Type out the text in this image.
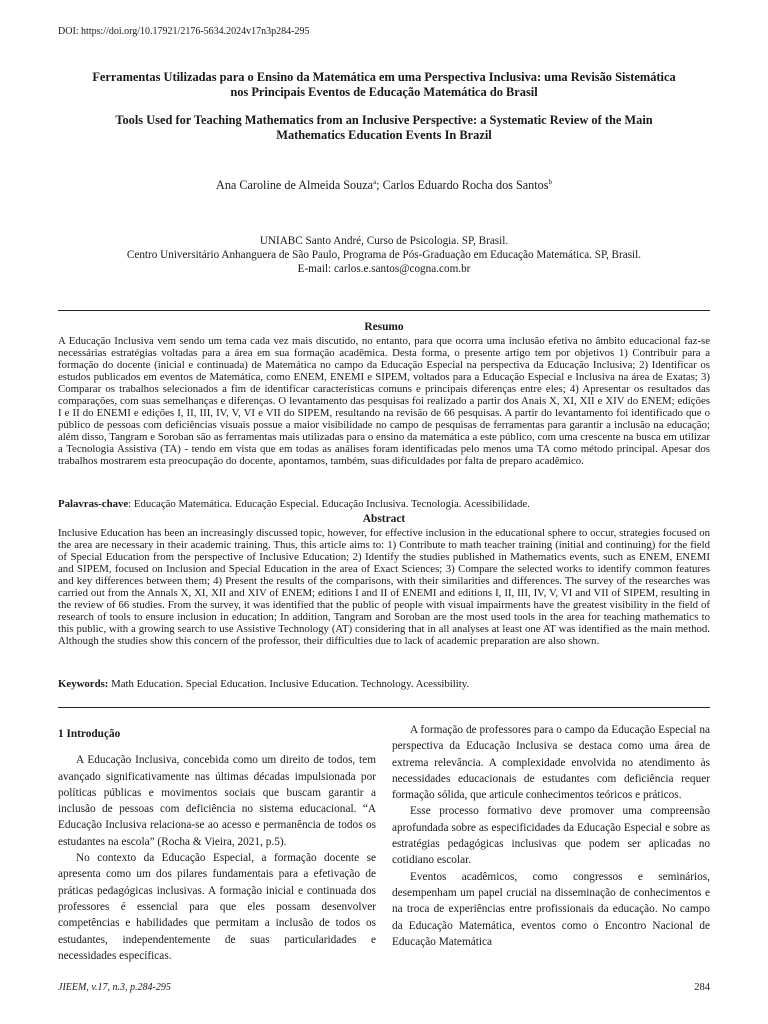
DOI: https://doi.org/10.17921/2176-5634.2024v17n3p284-295
Ferramentas Utilizadas para o Ensino da Matemática em uma Perspectiva Inclusiva: uma Revisão Sistemática
nos Principais Eventos de Educação Matemática do Brasil
Tools Used for Teaching Mathematics from an Inclusive Perspective: a Systematic Review of the Main
Mathematics Education Events In Brazil
Ana Caroline de Almeida Souza$^a$; Carlos Eduardo Rocha dos Santos$^b$
UNIABC Santo André, Curso de Psicologia. SP, Brasil.
Centro Universitário Anhanguera de São Paulo, Programa de Pós-Graduação em Educação Matemática. SP, Brasil.
E-mail: carlos.e.santos@cogna.com.br
Resumo
A Educação Inclusiva vem sendo um tema cada vez mais discutido, no entanto, para que ocorra uma inclusão efetiva no âmbito educacional faz-se necessárias estratégias voltadas para a área em sua formação acadêmica. Desta forma, o presente artigo tem por objetivos 1) Contribuir para a formação do docente (inicial e continuada) de Matemática no campo da Educação Especial na perspectiva da Educação Inclusiva; 2) Identificar os estudos publicados em eventos de Matemática, como ENEM, ENEMI e SIPEM, voltados para a Educação Especial e Inclusiva na área de Exatas; 3) Comparar os trabalhos selecionados a fim de identificar características comuns e principais diferenças entre eles; 4) Apresentar os resultados das comparações, com suas semelhanças e diferenças. O levantamento das pesquisas foi realizado a partir dos Anais X, XI, XII e XIV do ENEM; edições I e II do ENEMI e edições I, II, III, IV, V, VI e VII do SIPEM, resultando na revisão de 66 pesquisas. A partir do levantamento foi identificado que o público de pessoas com deficiências visuais possue a maior visibilidade no campo de pesquisas de ferramentas para garantir a inclusão na educação; além disso, Tangram e Soroban são as ferramentas mais utilizadas para o ensino da matemática a este público, com uma crescente na busca em utilizar a Tecnologia Assistiva (TA) - tendo em vista que em todas as análises foram identificadas pelo menos uma TA como método principal. Apesar dos trabalhos mostrarem esta preocupação do docente, apontamos, também, suas dificuldades por falta de preparo acadêmico.
Palavras-chave: Educação Matemática. Educação Especial. Educação Inclusiva. Tecnologia. Acessibilidade.
Abstract
Inclusive Education has been an increasingly discussed topic, however, for effective inclusion in the educational sphere to occur, strategies focused on the area are necessary in their academic training. Thus, this article aims to: 1) Contribute to math teacher training (initial and continuing) for the field of Special Education from the perspective of Inclusive Education; 2) Identify the studies published in Mathematics events, such as ENEM, ENEMI and SIPEM, focused on Inclusion and Special Education in the area of Exact Sciences; 3) Compare the selected works to identify common features and key differences between them; 4) Present the results of the comparisons, with their similarities and differences. The survey of the researches was carried out from the Annals X, XI, XII and XIV of ENEM; editions I and II of ENEMI and editions I, II, III, IV, V, VI and VII of SIPEM, resulting in the review of 66 studies. From the survey, it was identified that the public of people with visual impairments have the greatest visibility in the field of research of tools to ensure inclusion in education; In addition, Tangram and Soroban are the most used tools in the area for teaching mathematics to this public, with a growing search to use Assistive Technology (AT) considering that in all analyses at least one AT was identified as the main method. Although the studies show this concern of the professor, their difficulties due to lack of academic preparation are also shown.
Keywords: Math Education. Special Education. Inclusive Education. Technology. Acessibility.
1 Introdução

A Educação Inclusiva, concebida como um direito de todos, tem avançado significativamente nas últimas décadas impulsionada por políticas públicas e movimentos sociais que buscam garantir a inclusão de pessoas com deficiência no sistema educacional. “A Educação Inclusiva relaciona-se ao acesso e permanência de todos os estudantes na escola” (Rocha & Vieira, 2021, p.5).

No contexto da Educação Especial, a formação docente se apresenta como um dos pilares fundamentais para a efetivação de práticas pedagógicas inclusivas. A formação inicial e continuada dos professores é essencial para que eles possam desenvolver competências e habilidades que permitam a inclusão de todos os estudantes, independentemente de suas particularidades e necessidades específicas.

A formação de professores para o campo da Educação Especial na perspectiva da Educação Inclusiva se destaca como uma área de extrema relevância. A complexidade envolvida no atendimento às necessidades educacionais de estudantes com deficiência requer formação sólida, que articule conhecimentos teóricos e práticos.

Esse processo formativo deve promover uma compreensão aprofundada sobre as especificidades da Educação Especial e sobre as estratégias pedagógicas inclusivas que podem ser aplicadas no cotidiano escolar.

Eventos acadêmicos, como congressos e seminários, desempenham um papel crucial na disseminação de conhecimentos e na troca de experiências entre profissionais da educação. No campo da Educação Matemática, eventos como o Encontro Nacional de Educação Matemática

JIEEM, v.17, n.3, p.284-295	284
